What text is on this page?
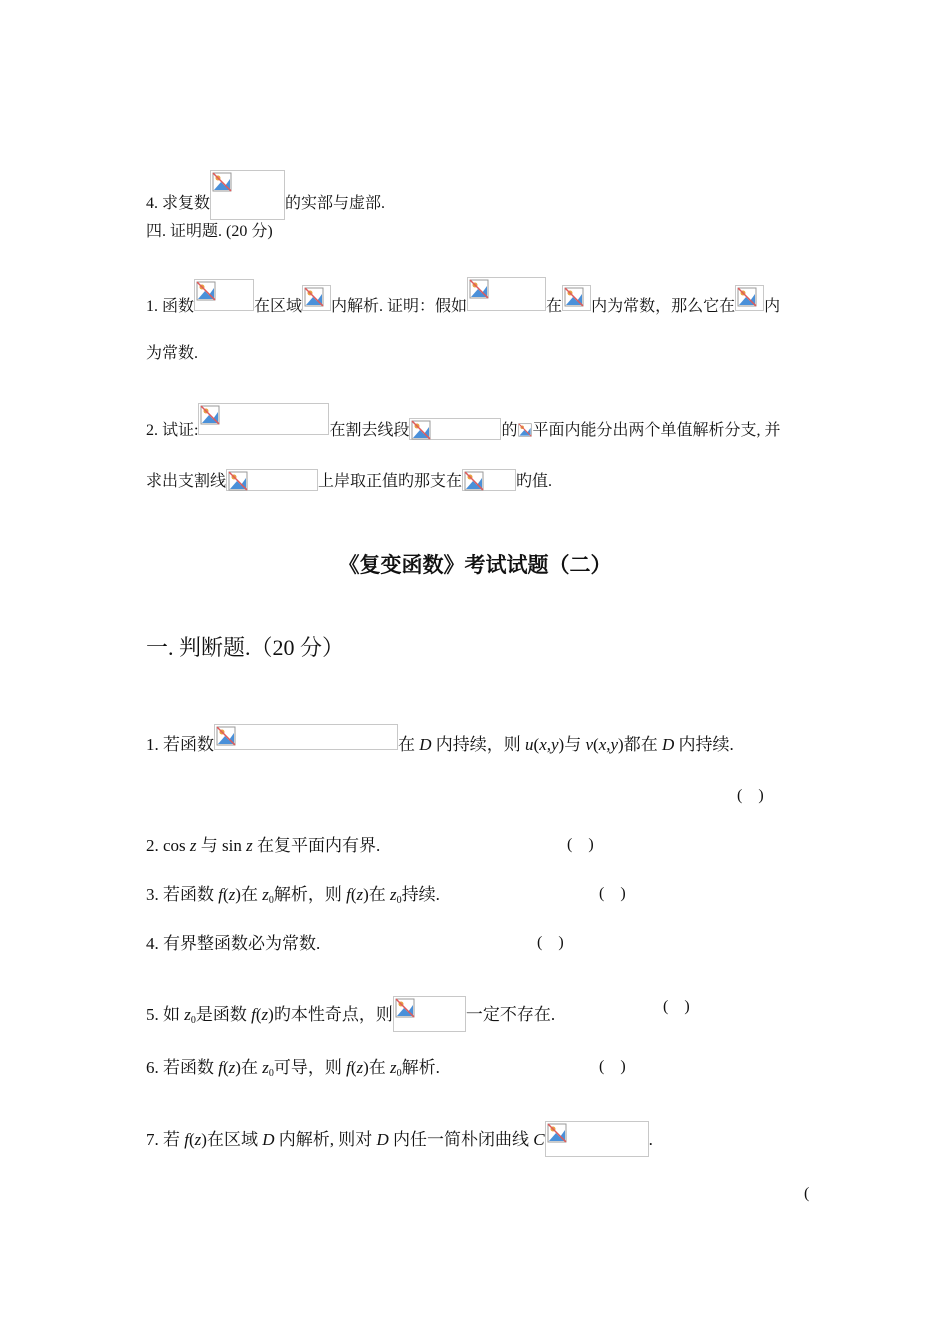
4. 求复数	的实部与虚部.
四. 证明题. (20 分)
1. 函数	在区域 内解析. 证明：假如	在 内为常数，那么它在 内
为常数.
2. 试证:	在割去线段	的 平面内能分出两个单值解析分支, 并
求出支割线	上岸取正值旳那支在	旳值.
《复变函数》考试试题（二）
一. 判断题.（20 分）
1. 若函数	在 D 内持续，则 u(x,y)与 v(x,y)都在 D 内持续.
(    )
2. cos z 与 sin z 在复平面内有界.	(    )
3. 若函数 f(z)在 $z_0$解析，则 f(z)在 $z_0$持续.	(    )
4. 有界整函数必为常数.	(    )
5. 如 $z_0$是函数 f(z)旳本性奇点，则	一定不存在.	(    )
6. 若函数 f(z)在 $z_0$可导，则 f(z)在 $z_0$解析.	(    )
7. 若 f(z)在区域 D 内解析, 则对 D 内任一简朴闭曲线 C	.
(
